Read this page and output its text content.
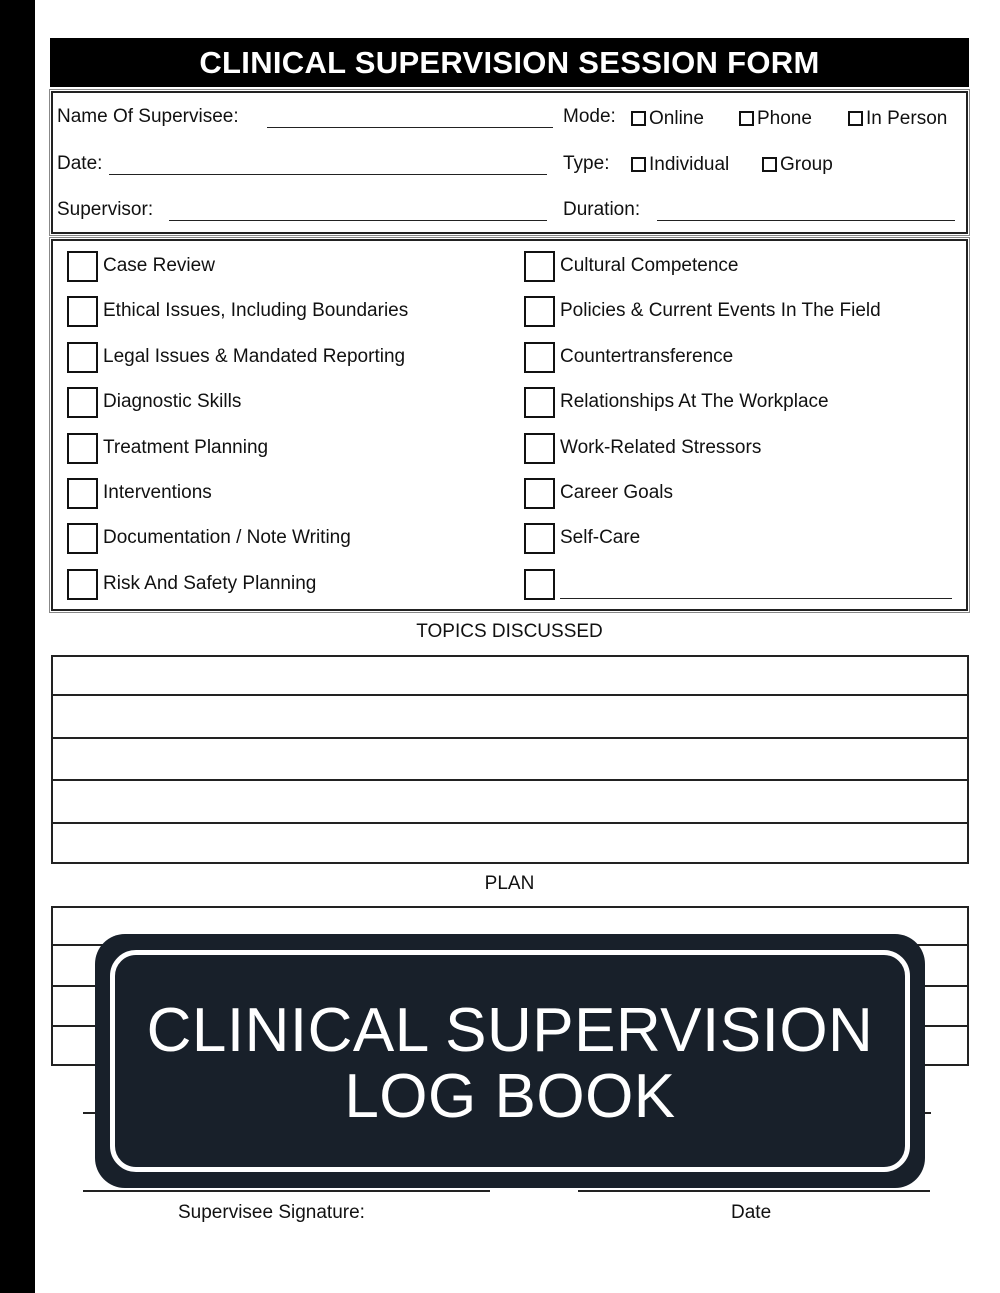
CLINICAL SUPERVISION SESSION FORM
Name Of Supervisee:
Date:
Supervisor:
Mode:	Online	Phone	In Person
Type:	Individual	Group
Duration:
Case Review	Cultural Competence
Ethical Issues, Including Boundaries	Policies & Current Events In The Field
Legal Issues & Mandated Reporting	Countertransference
Diagnostic Skills	Relationships At The Workplace
Treatment Planning	Work-Related Stressors
Interventions	Career Goals
Documentation / Note Writing	Self-Care
Risk And Safety Planning
TOPICS DISCUSSED
PLAN
CLINICAL SUPERVISION
LOG BOOK
Supervisee Signature:	Date
